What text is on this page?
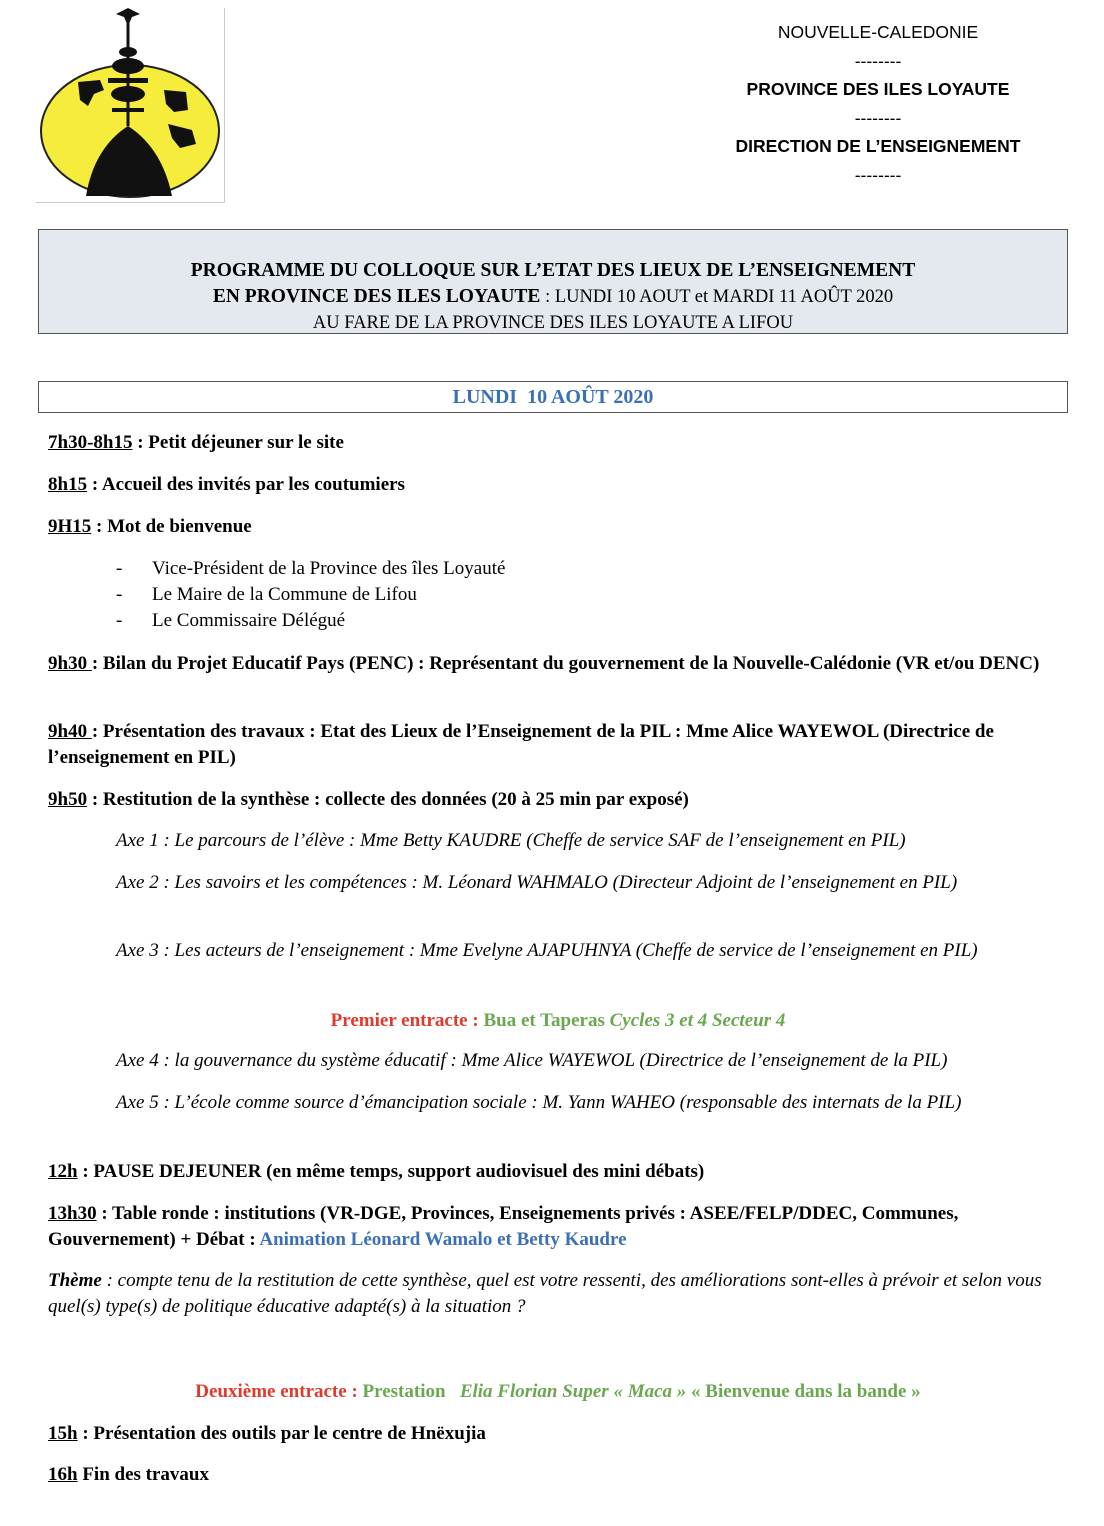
NOUVELLE-CALEDONIE
--------
PROVINCE DES ILES LOYAUTE
--------
DIRECTION DE L’ENSEIGNEMENT
--------
PROGRAMME DU COLLOQUE SUR L’ETAT DES LIEUX DE L’ENSEIGNEMENT
EN PROVINCE DES ILES LOYAUTE : LUNDI 10 AOUT et MARDI 11 AOÛT 2020
AU FARE DE LA PROVINCE DES ILES LOYAUTE A LIFOU
LUNDI  10 AOÛT 2020
7h30-8h15 : Petit déjeuner sur le site
8h15 : Accueil des invités par les coutumiers
9H15 : Mot de bienvenue
- Vice-Président de la Province des îles Loyauté
- Le Maire de la Commune de Lifou
- Le Commissaire Délégué
9h30 : Bilan du Projet Educatif Pays (PENC) : Représentant du gouvernement de la Nouvelle-Calédonie (VR et/ou DENC)
9h40 : Présentation des travaux : Etat des Lieux de l’Enseignement de la PIL : Mme Alice WAYEWOL (Directrice de l’enseignement en PIL)
9h50 : Restitution de la synthèse : collecte des données (20 à 25 min par exposé)
Axe 1 : Le parcours de l’élève : Mme Betty KAUDRE (Cheffe de service SAF de l’enseignement en PIL)
Axe 2 : Les savoirs et les compétences : M. Léonard WAHMALO (Directeur Adjoint de l’enseignement en PIL)
Axe 3 : Les acteurs de l’enseignement : Mme Evelyne AJAPUHNYA (Cheffe de service de l’enseignement en PIL)
Premier entracte : Bua et Taperas Cycles 3 et 4 Secteur 4
Axe 4 : la gouvernance du système éducatif : Mme Alice WAYEWOL (Directrice de l’enseignement de la PIL)
Axe 5 : L’école comme source d’émancipation sociale : M. Yann WAHEO (responsable des internats de la PIL)
12h : PAUSE DEJEUNER (en même temps, support audiovisuel des mini débats)
13h30 : Table ronde : institutions (VR-DGE, Provinces, Enseignements privés : ASEE/FELP/DDEC, Communes, Gouvernement) + Débat : Animation Léonard Wamalo et Betty Kaudre
Thème : compte tenu de la restitution de cette synthèse, quel est votre ressenti, des améliorations sont-elles à prévoir et selon vous quel(s) type(s) de politique éducative adapté(s) à la situation ?
Deuxième entracte : Prestation   Elia Florian Super « Maca » « Bienvenue dans la bande »
15h : Présentation des outils par le centre de Hnëxujia
16h Fin des travaux
